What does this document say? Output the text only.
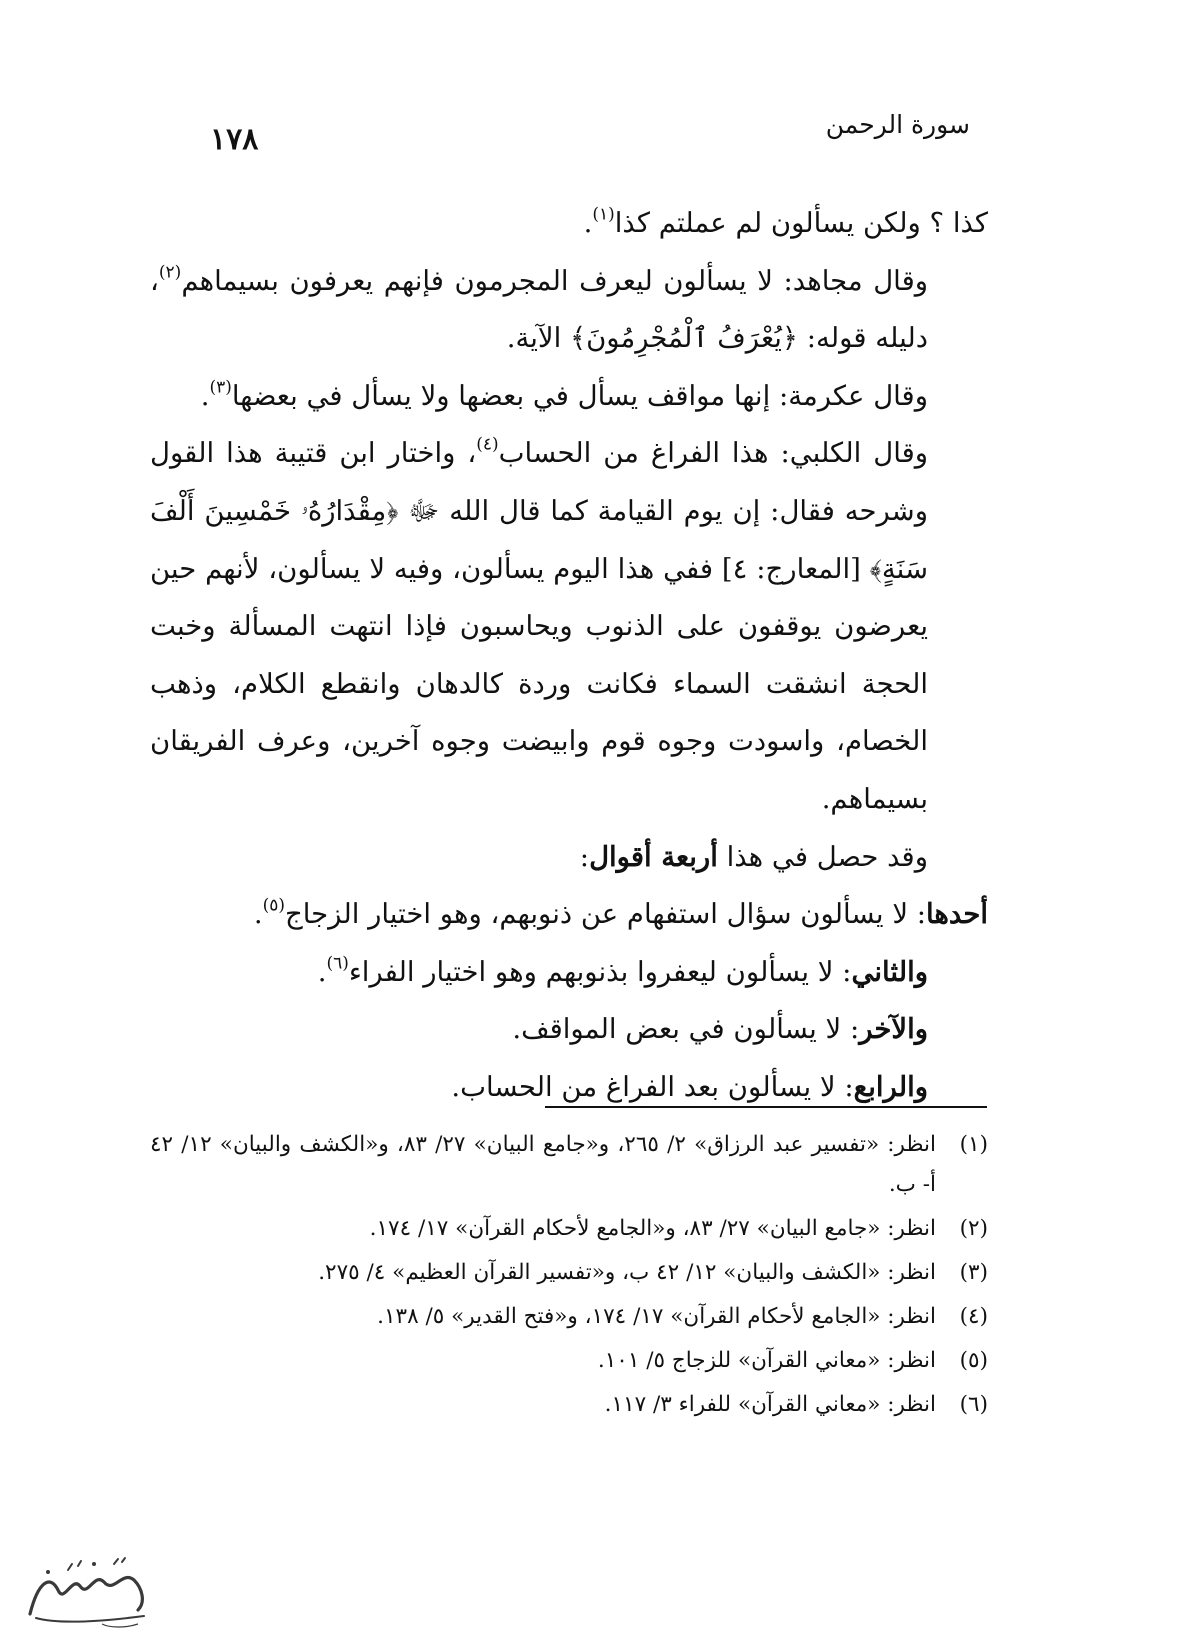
١٧٨	سورة الرحمن

كذا ؟ ولكن يسألون لم عملتم كذا$^{(١)}$.

وقال مجاهد: لا يسألون ليعرف المجرمون فإنهم يعرفون بسيماهم$^{(٢)}$، دليله قوله: ﴿يُعْرَفُ ٱلْمُجْرِمُونَ﴾ الآية.

وقال عكرمة: إنها مواقف يسأل في بعضها ولا يسأل في بعضها$^{(٣)}$.

وقال الكلبي: هذا الفراغ من الحساب$^{(٤)}$، واختار ابن قتيبة هذا القول وشرحه فقال: إن يوم القيامة كما قال الله ﷻ ﴿مِقْدَارُهُۥ خَمْسِينَ أَلْفَ سَنَةٍ﴾ [المعارج: ٤] ففي هذا اليوم يسألون، وفيه لا يسألون، لأنهم حين يعرضون يوقفون على الذنوب ويحاسبون فإذا انتهت المسألة وخبت الحجة انشقت السماء فكانت وردة كالدهان وانقطع الكلام، وذهب الخصام، واسودت وجوه قوم وابيضت وجوه آخرين، وعرف الفريقان بسيماهم.

وقد حصل في هذا أربعة أقوال:

أحدها: لا يسألون سؤال استفهام عن ذنوبهم، وهو اختيار الزجاج$^{(٥)}$.

والثاني: لا يسألون ليعفروا بذنوبهم وهو اختيار الفراء$^{(٦)}$.

والآخر: لا يسألون في بعض المواقف.

والرابع: لا يسألون بعد الفراغ من الحساب.

(١)
انظر: «تفسير عبد الرزاق» ٢/ ٢٦٥، و«جامع البيان» ٢٧/ ٨٣، و«الكشف والبيان» ١٢/ ٤٢ أ- ب.
(٢)
انظر: «جامع البيان» ٢٧/ ٨٣، و«الجامع لأحكام القرآن» ١٧/ ١٧٤.
(٣)
انظر: «الكشف والبيان» ١٢/ ٤٢ ب، و«تفسير القرآن العظيم» ٤/ ٢٧٥.
(٤)
انظر: «الجامع لأحكام القرآن» ١٧/ ١٧٤، و«فتح القدير» ٥/ ١٣٨.
(٥)
انظر: «معاني القرآن» للزجاج ٥/ ١٠١.
(٦)
انظر: «معاني القرآن» للفراء ٣/ ١١٧.
